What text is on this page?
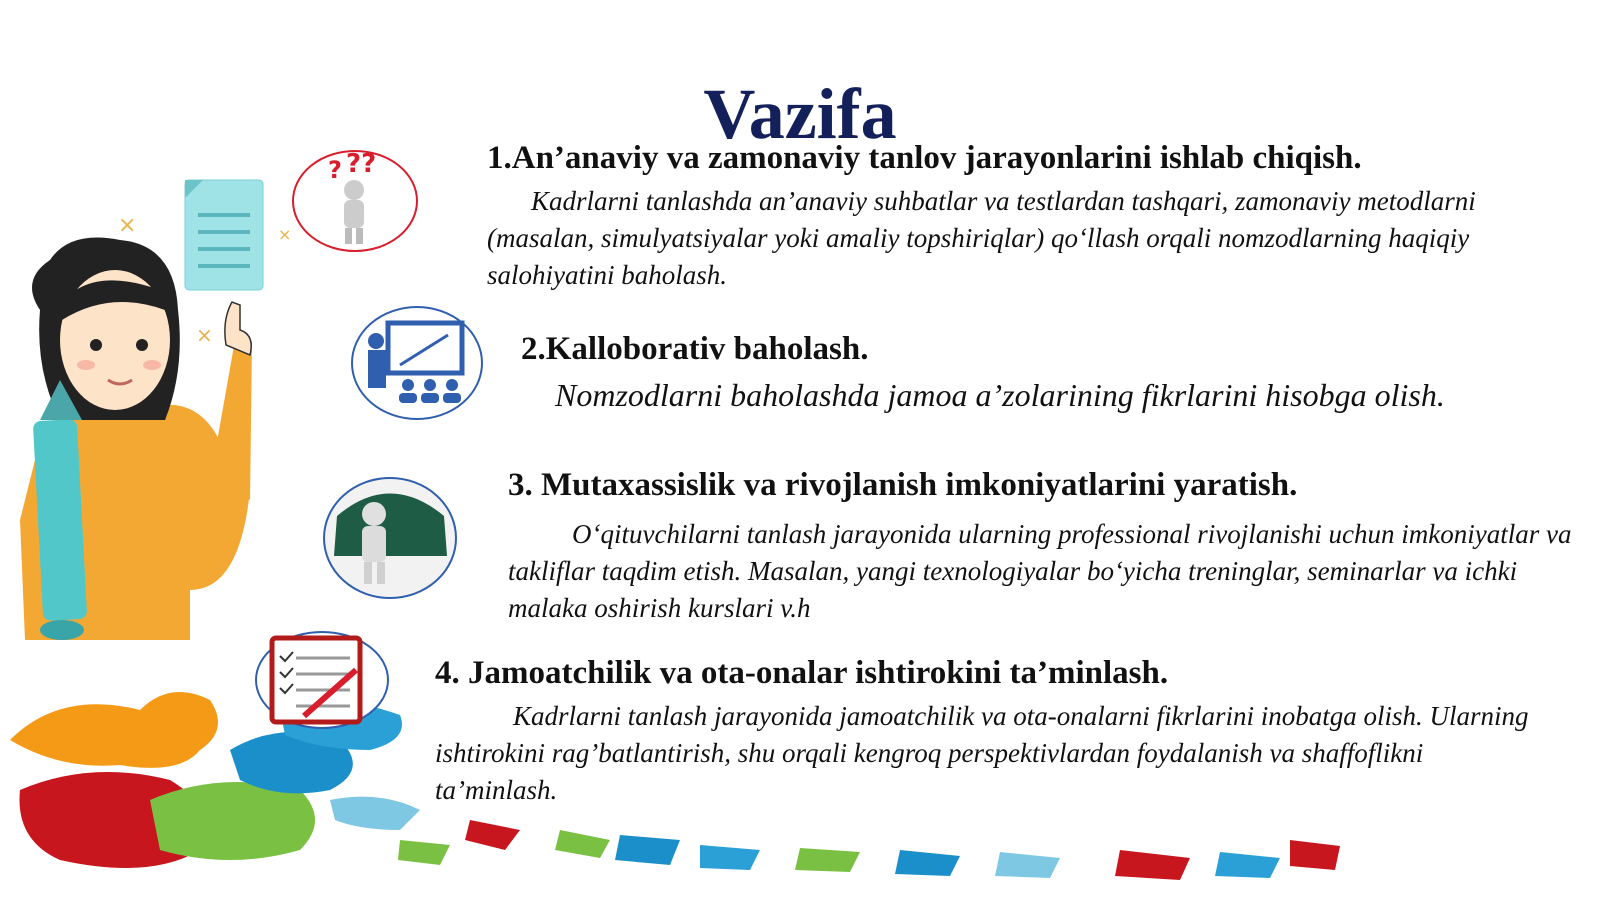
×	×
×
? ??
Vazifa
1.An’anaviy va zamonaviy tanlov jarayonlarini ishlab chiqish.

Kadrlarni tanlashda an’anaviy suhbatlar va testlardan tashqari, zamonaviy metodlarni (masalan, simulyatsiyalar yoki amaliy topshiriqlar) qo‘llash orqali nomzodlarning haqiqiy salohiyatini baholash.

2.Kalloborativ baholash.

Nomzodlarni baholashda jamoa a’zolarining fikrlarini hisobga olish.

3. Mutaxassislik va rivojlanish imkoniyatlarini yaratish.

O‘qituvchilarni tanlash jarayonida ularning professional rivojlanishi uchun imkoniyatlar va takliflar taqdim etish. Masalan, yangi texnologiyalar bo‘yicha treninglar, seminarlar va ichki malaka oshirish kurslari v.h

4. Jamoatchilik va ota-onalar ishtirokini ta’minlash.

Kadrlarni tanlash jarayonida jamoatchilik va ota-onalarni fikrlarini inobatga olish. Ularning ishtirokini rag’batlantirish, shu orqali kengroq perspektivlardan foydalanish va shaffoflikni ta’minlash.
